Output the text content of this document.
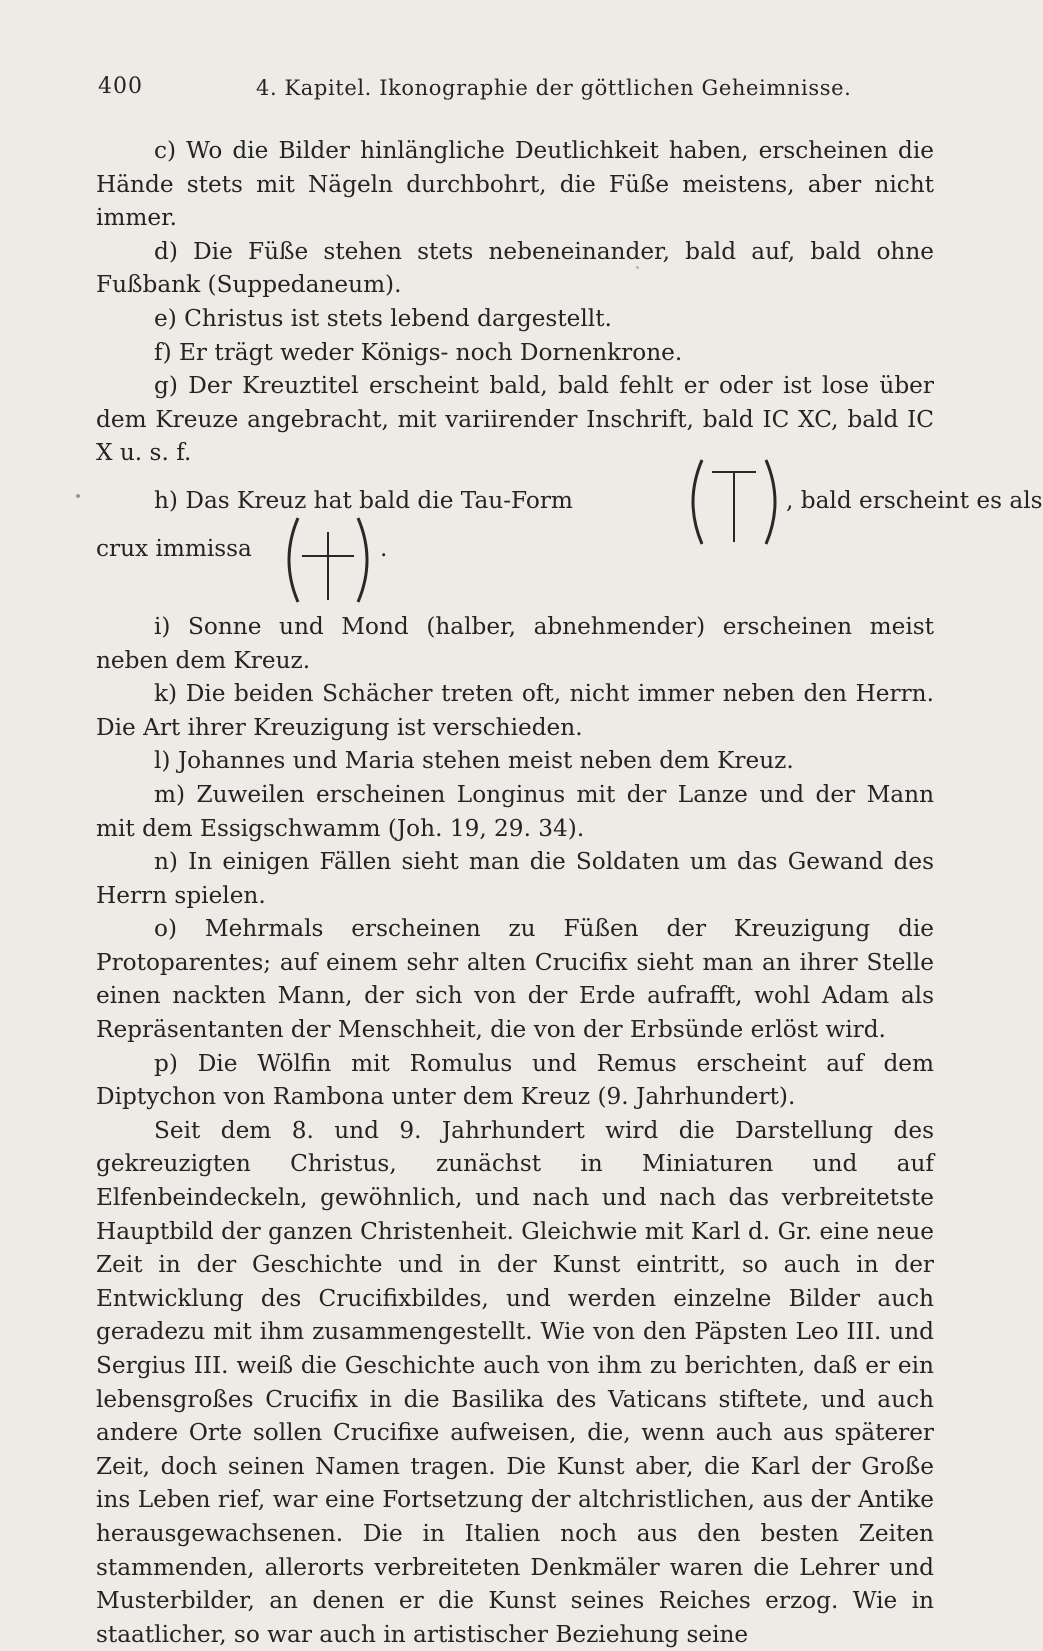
400	4. Kapitel. Ikonographie der göttlichen Geheimnisse.

c) Wo die Bilder hinlängliche Deutlichkeit haben, erscheinen die Hände stets mit Nägeln durchbohrt, die Füße meistens, aber nicht immer.

d) Die Füße stehen stets nebeneinander, bald auf, bald ohne Fußbank (Suppedaneum).

e) Christus ist stets lebend dargestellt.

f) Er trägt weder Königs- noch Dornenkrone.

g) Der Kreuztitel erscheint bald, bald fehlt er oder ist lose über dem Kreuze angebracht, mit variirender Inschrift, bald IC XC, bald IC X u. s. f.

h) Das Kreuz hat bald die Tau-Form	, bald erscheint es als
crux immissa	.

i) Sonne und Mond (halber, abnehmender) erscheinen meist neben dem Kreuz.

k) Die beiden Schächer treten oft, nicht immer neben den Herrn. Die Art ihrer Kreuzigung ist verschieden.

l) Johannes und Maria stehen meist neben dem Kreuz.

m) Zuweilen erscheinen Longinus mit der Lanze und der Mann mit dem Essigschwamm (Joh. 19, 29. 34).

n) In einigen Fällen sieht man die Soldaten um das Gewand des Herrn spielen.

o) Mehrmals erscheinen zu Füßen der Kreuzigung die Protoparentes; auf einem sehr alten Crucifix sieht man an ihrer Stelle einen nackten Mann, der sich von der Erde aufrafft, wohl Adam als Repräsentanten der Menschheit, die von der Erbsünde erlöst wird.

p) Die Wölfin mit Romulus und Remus erscheint auf dem Diptychon von Rambona unter dem Kreuz (9. Jahrhundert).

Seit dem 8. und 9. Jahrhundert wird die Darstellung des gekreuzigten Christus, zunächst in Miniaturen und auf Elfenbeindeckeln, gewöhnlich, und nach und nach das verbreitetste Hauptbild der ganzen Christenheit. Gleichwie mit Karl d. Gr. eine neue Zeit in der Geschichte und in der Kunst eintritt, so auch in der Entwicklung des Crucifixbildes, und werden einzelne Bilder auch geradezu mit ihm zusammengestellt. Wie von den Päpsten Leo III. und Sergius III. weiß die Geschichte auch von ihm zu berichten, daß er ein lebensgroßes Crucifix in die Basilika des Vaticans stiftete, und auch andere Orte sollen Crucifixe aufweisen, die, wenn auch aus späterer Zeit, doch seinen Namen tragen. Die Kunst aber, die Karl der Große ins Leben rief, war eine Fortsetzung der altchristlichen, aus der Antike herausgewachsenen. Die in Italien noch aus den besten Zeiten stammenden, allerorts verbreiteten Denkmäler waren die Lehrer und Musterbilder, an denen er die Kunst seines Reiches erzog. Wie in staatlicher, so war auch in artistischer Beziehung seine
